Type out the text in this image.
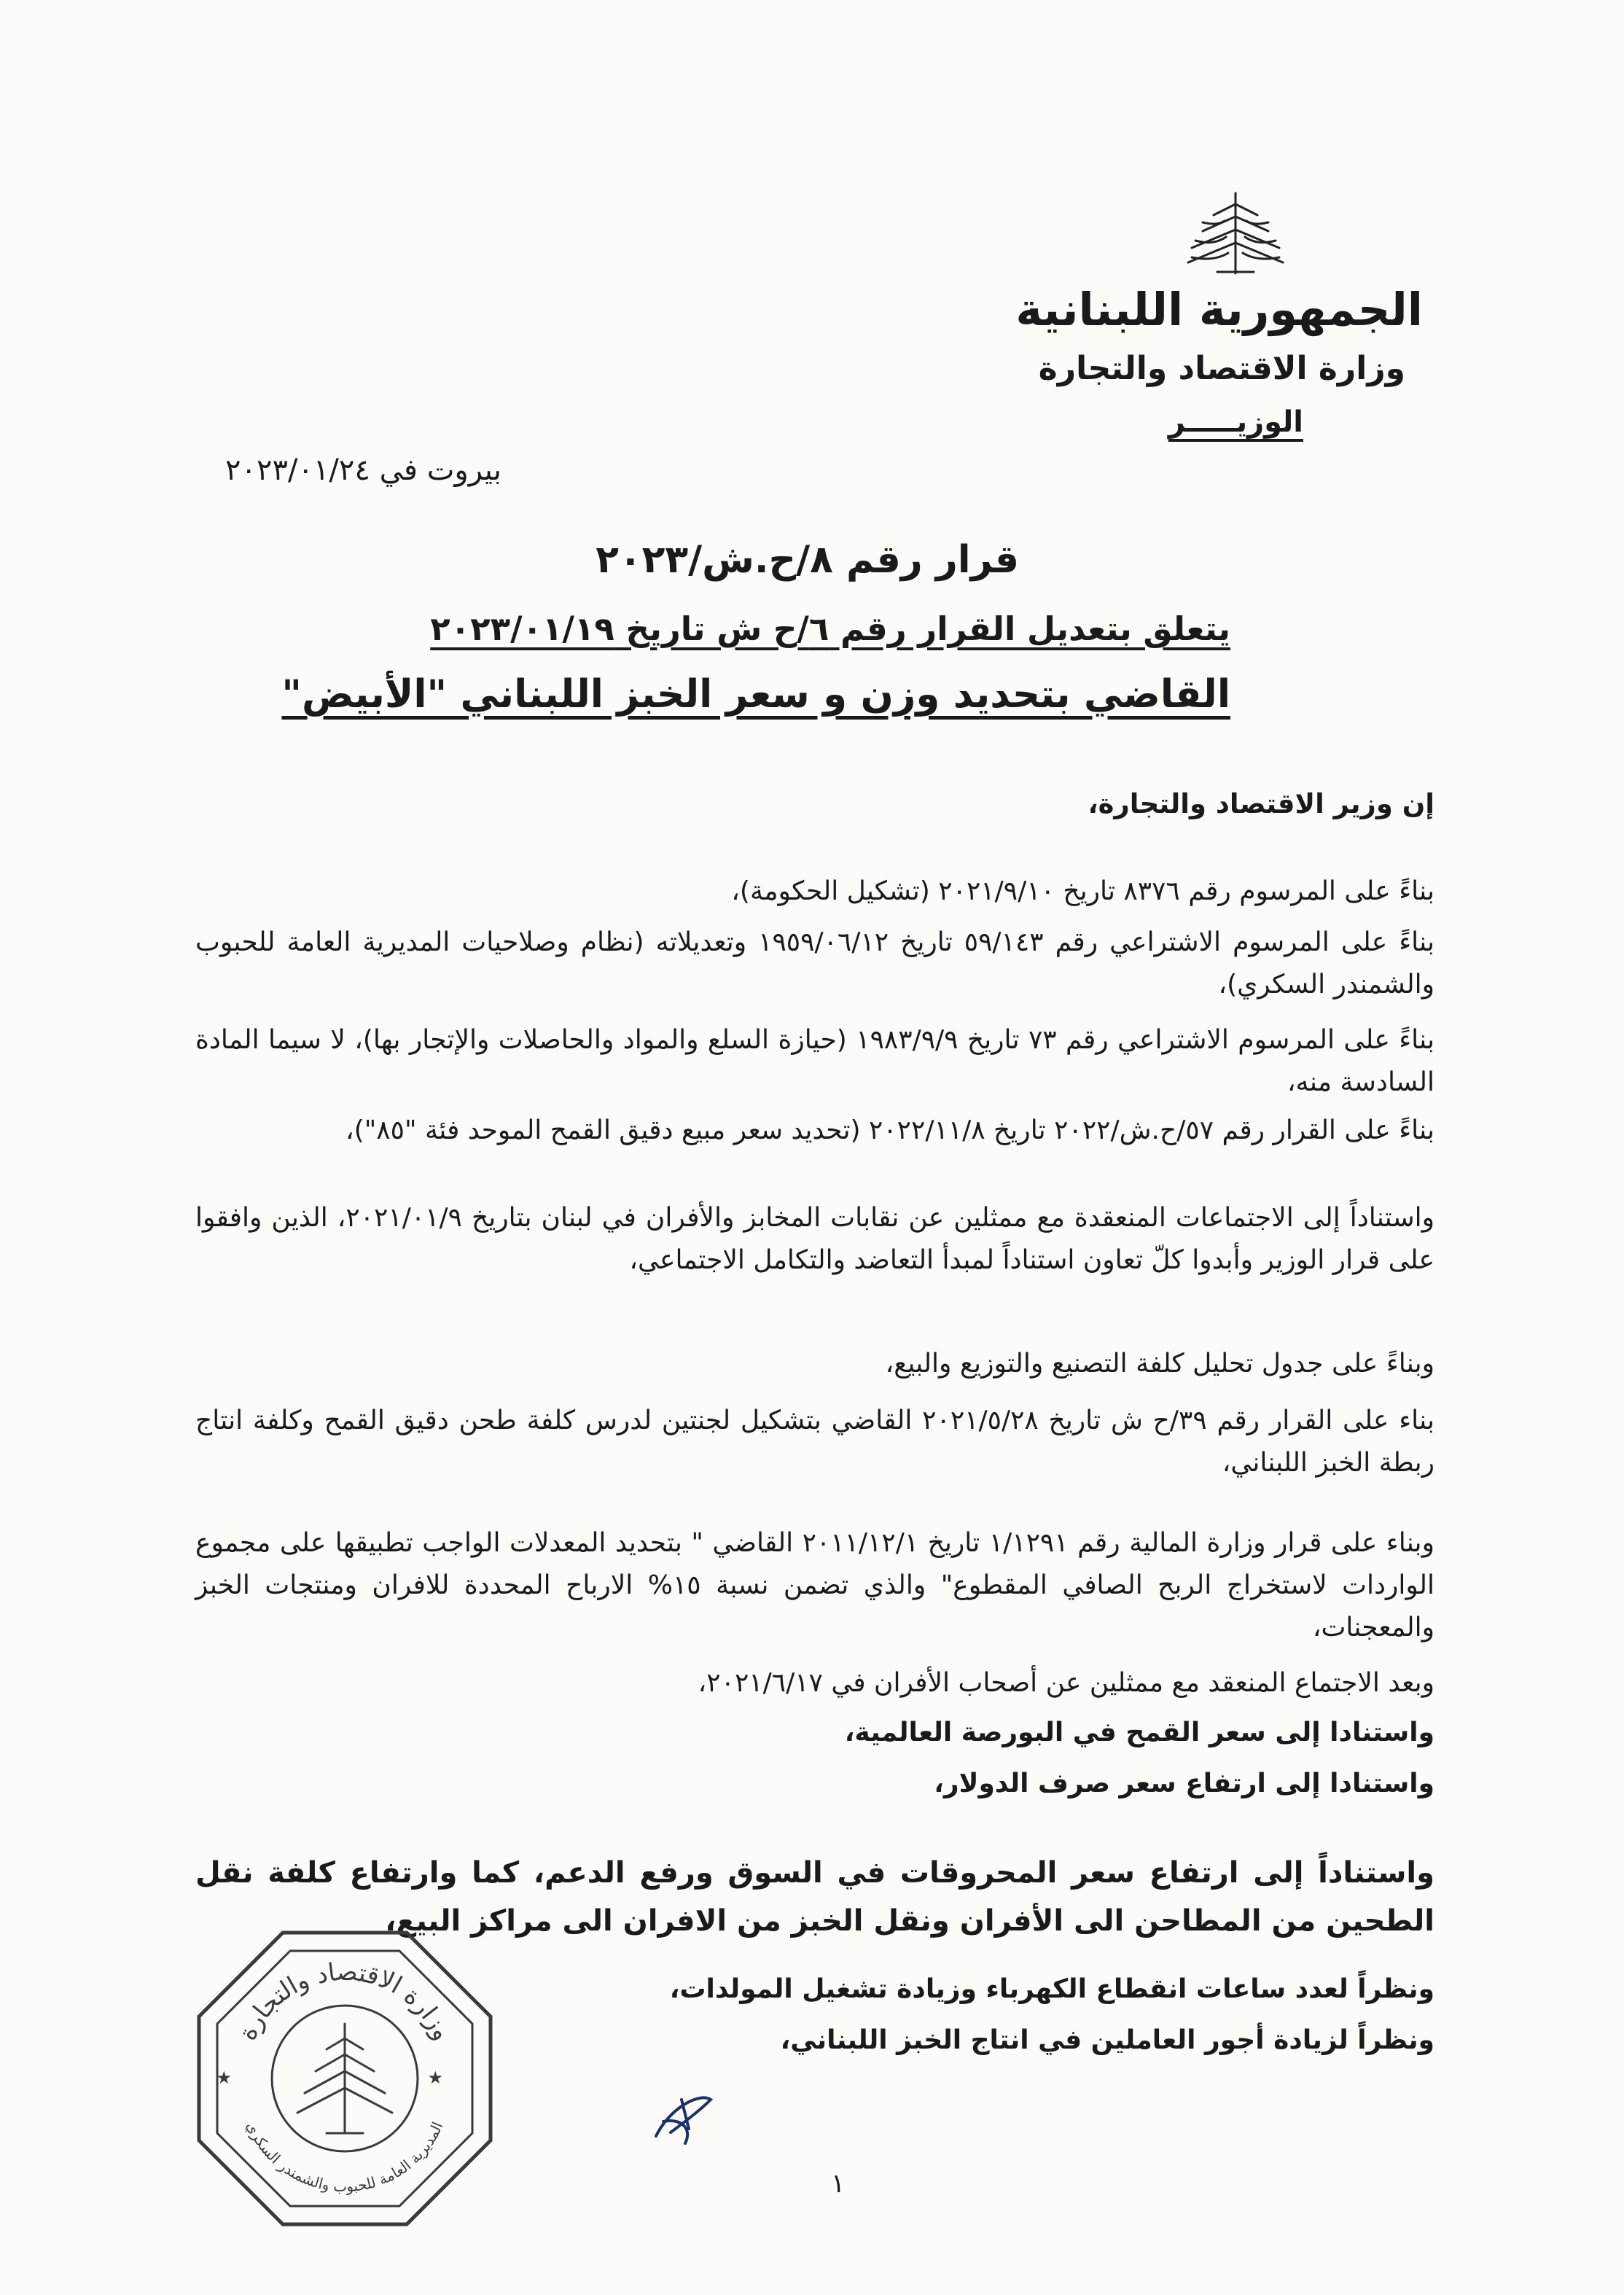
الجمهورية اللبنانية
وزارة الاقتصاد والتجارة
الوزيـــــر
بيروت في ٢٠٢٣/٠١/٢٤
قرار رقم ٨/ح.ش/٢٠٢٣
يتعلق بتعديل القرار رقم ٦/ح ش تاريخ ٢٠٢٣/٠١/١٩
القاضي بتحديد وزن و سعر الخبز اللبناني "الأبيض"
إن وزير الاقتصاد والتجارة،
بناءً على المرسوم رقم ٨٣٧٦ تاريخ ٢٠٢١/٩/١٠ (تشكيل الحكومة)،
بناءً على المرسوم الاشتراعي رقم ٥٩/١٤٣ تاريخ ١٩٥٩/٠٦/١٢ وتعديلاته (نظام وصلاحيات المديرية العامة للحبوب والشمندر السكري)،
بناءً على المرسوم الاشتراعي رقم ٧٣ تاريخ ١٩٨٣/٩/٩ (حيازة السلع والمواد والحاصلات والإتجار بها)، لا سيما المادة السادسة منه،
بناءً على القرار رقم ٥٧/ح.ش/٢٠٢٢ تاريخ ٢٠٢٢/١١/٨ (تحديد سعر مبيع دقيق القمح الموحد فئة "٨٥")،
واستناداً إلى الاجتماعات المنعقدة مع ممثلين عن نقابات المخابز والأفران في لبنان بتاريخ ٢٠٢١/٠١/٩، الذين وافقوا على قرار الوزير وأبدوا كلّ تعاون استناداً لمبدأ التعاضد والتكامل الاجتماعي،
وبناءً على جدول تحليل كلفة التصنيع والتوزيع والبيع،
بناء على القرار رقم ٣٩/ح ش تاريخ ٢٠٢١/٥/٢٨ القاضي بتشكيل لجنتين لدرس كلفة طحن دقيق القمح وكلفة انتاج ربطة الخبز اللبناني،
وبناء على قرار وزارة المالية رقم ١/١٢٩١ تاريخ ٢٠١١/١٢/١ القاضي " بتحديد المعدلات الواجب تطبيقها على مجموع الواردات لاستخراج الربح الصافي المقطوع" والذي تضمن نسبة ١٥% الارباح المحددة للافران ومنتجات الخبز والمعجنات،
وبعد الاجتماع المنعقد مع ممثلين عن أصحاب الأفران في ٢٠٢١/٦/١٧،
واستنادا إلى سعر القمح في البورصة العالمية،
واستنادا إلى ارتفاع سعر صرف الدولار،
واستناداً إلى ارتفاع سعر المحروقات في السوق ورفع الدعم، كما وارتفاع كلفة نقل الطحين من المطاحن الى الأفران ونقل الخبز من الافران الى مراكز البيع،
ونظراً لعدد ساعات انقطاع الكهرباء وزيادة تشغيل المولدات،
ونظراً لزيادة أجور العاملين في انتاج الخبز اللبناني،
وزارة الاقتصاد والتجارة
المديرية العامة للحبوب والشمندر السكري
★	★
١
